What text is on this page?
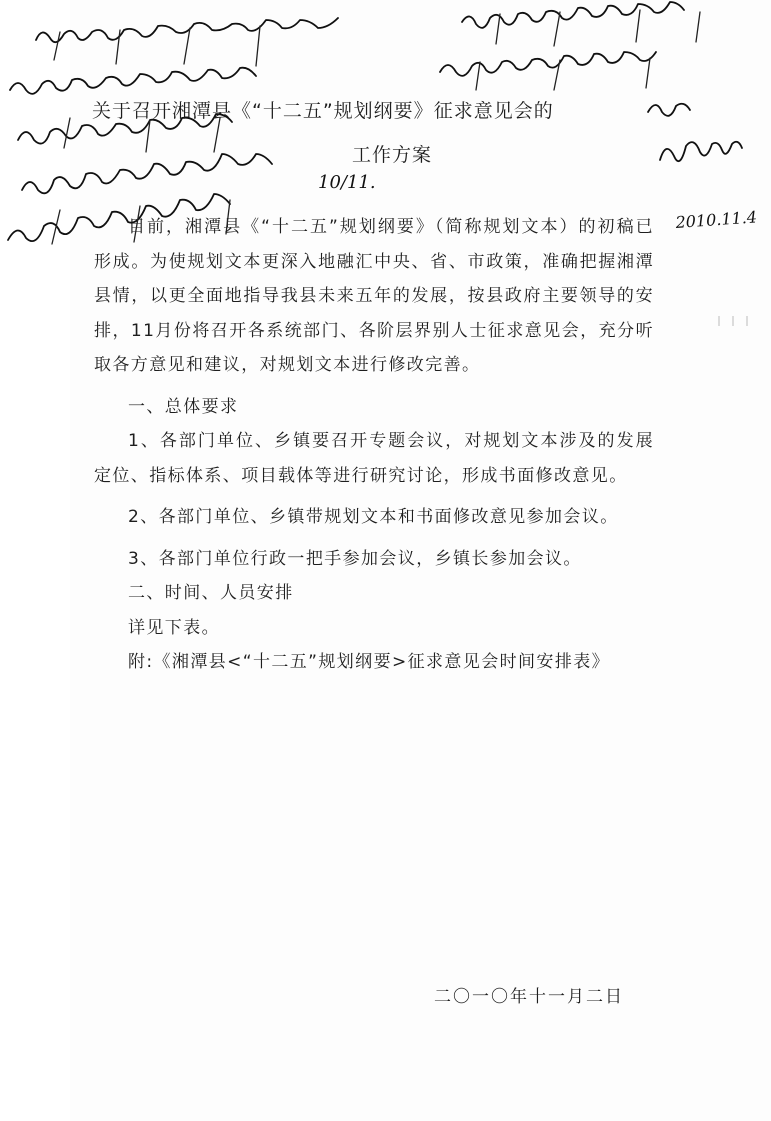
关于召开湘潭县《“十二五”规划纲要》征求意见会的
工作方案

目前，湘潭县《“十二五”规划纲要》（简称规划文本）的初稿已形成。为使规划文本更深入地融汇中央、省、市政策，准确把握湘潭县情，以更全面地指导我县未来五年的发展，按县政府主要领导的安排，11月份将召开各系统部门、各阶层界别人士征求意见会，充分听取各方意见和建议，对规划文本进行修改完善。

一、总体要求

1、各部门单位、乡镇要召开专题会议，对规划文本涉及的发展定位、指标体系、项目载体等进行研究讨论，形成书面修改意见。

2、各部门单位、乡镇带规划文本和书面修改意见参加会议。

3、各部门单位行政一把手参加会议，乡镇长参加会议。

二、时间、人员安排

详见下表。

附:《湘潭县<“十二五”规划纲要>征求意见会时间安排表》

二〇一〇年十一月二日
10/11.
2010.11.4
